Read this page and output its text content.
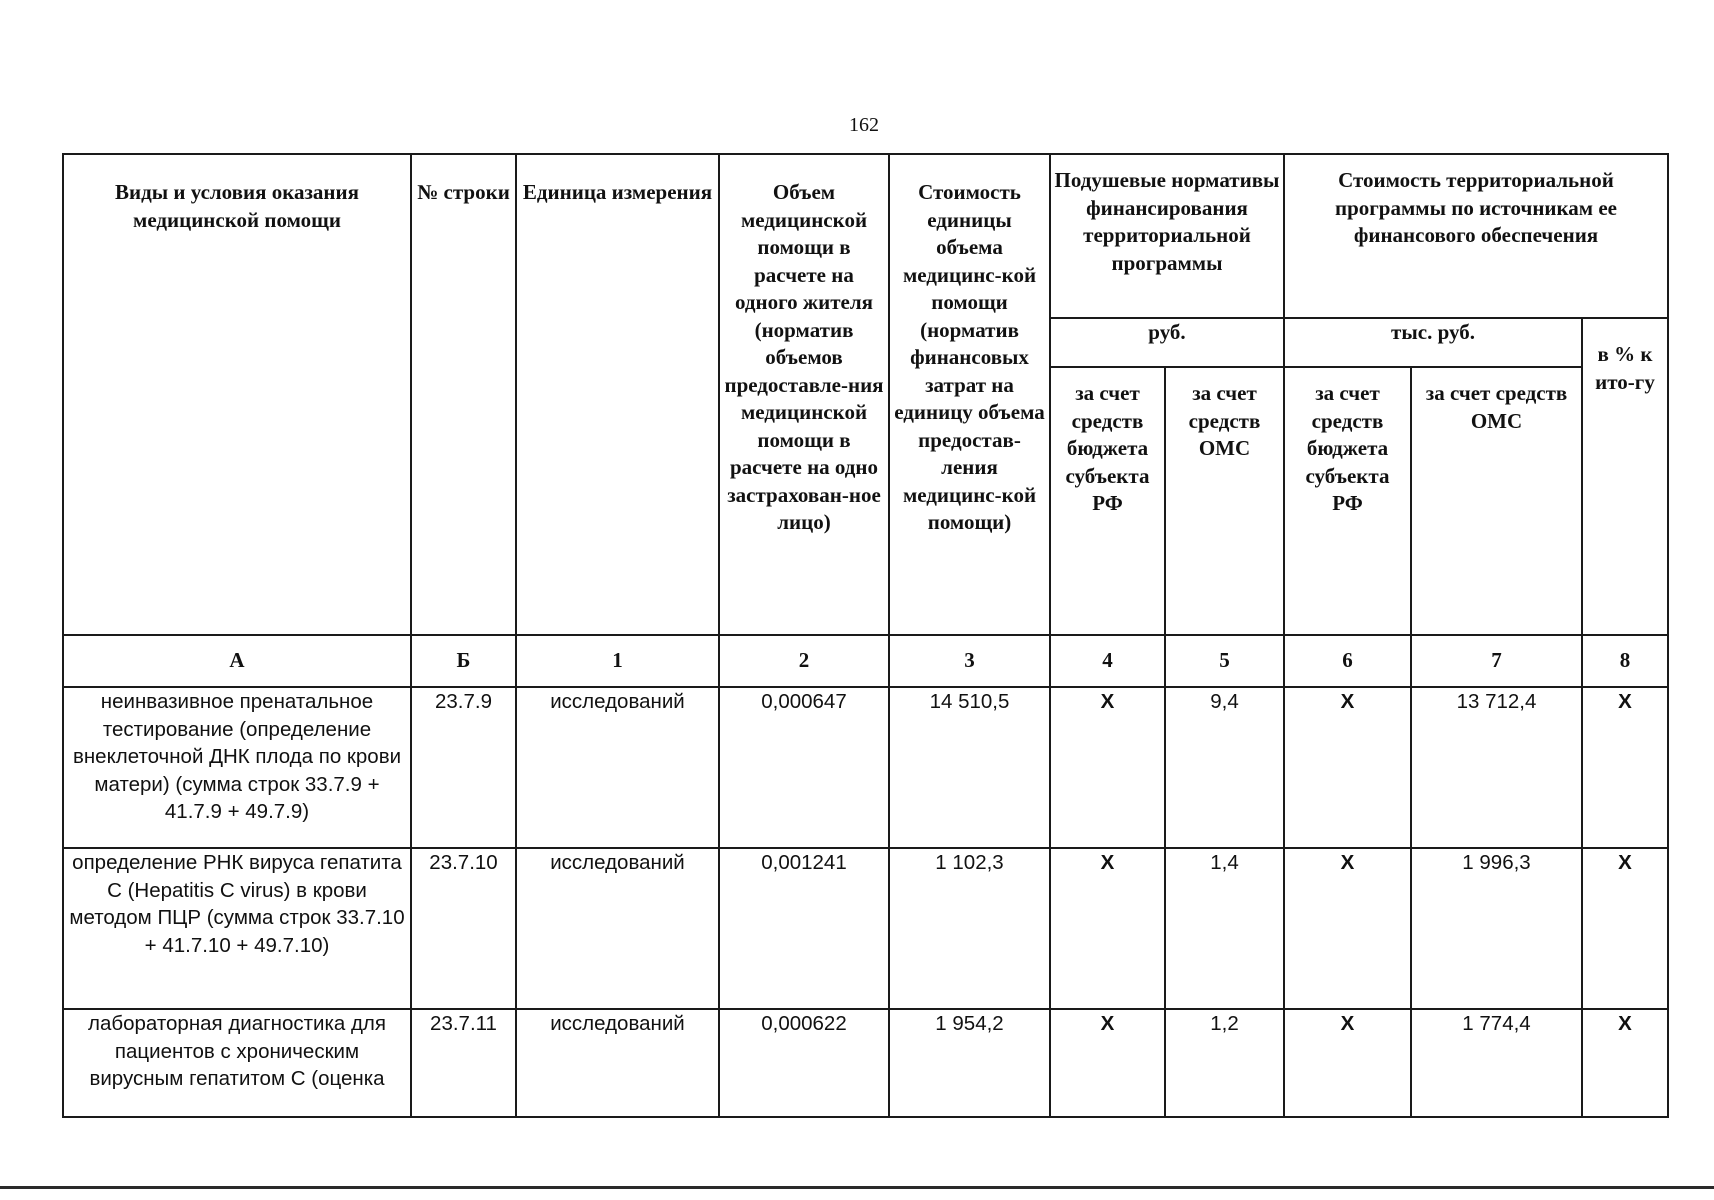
162
Виды и условия оказания медицинской помощи	№ строки	Единица измерения	Объем медицинской помощи в расчете на одного жителя (норматив объемов предоставле-ния медицинской помощи в расчете на одно застрахован-ное лицо)	Стоимость единицы объема медицинс-кой помощи (норматив финансовых затрат на единицу объема предостав-ления медицинс-кой помощи)	Подушевые нормативы финансирования территориальной программы		Стоимость территориальной программы по источникам ее финансового обеспечения		

					руб.		тыс. руб.		в % к ито-гу

					за счет средств бюджета субъекта РФ	за счет средств ОМС	за счет средств бюджета субъекта РФ	за счет средств ОМС	

А	Б	1	2	3	4	5	6	7	8
неинвазивное пренатальное тестирование (определение внеклеточной ДНК плода по крови матери) (сумма строк 33.7.9 + 41.7.9 + 49.7.9)	23.7.9	исследований	0,000647	14 510,5	Х	9,4	Х	13 712,4	Х
определение РНК вируса гепатита C (Hepatitis C virus) в крови методом ПЦР (сумма строк 33.7.10 + 41.7.10 + 49.7.10)	23.7.10	исследований	0,001241	1 102,3	Х	1,4	Х	1 996,3	Х
лабораторная диагностика для пациентов с хроническим вирусным гепатитом C (оценка	23.7.11	исследований	0,000622	1 954,2	Х	1,2	Х	1 774,4	Х
